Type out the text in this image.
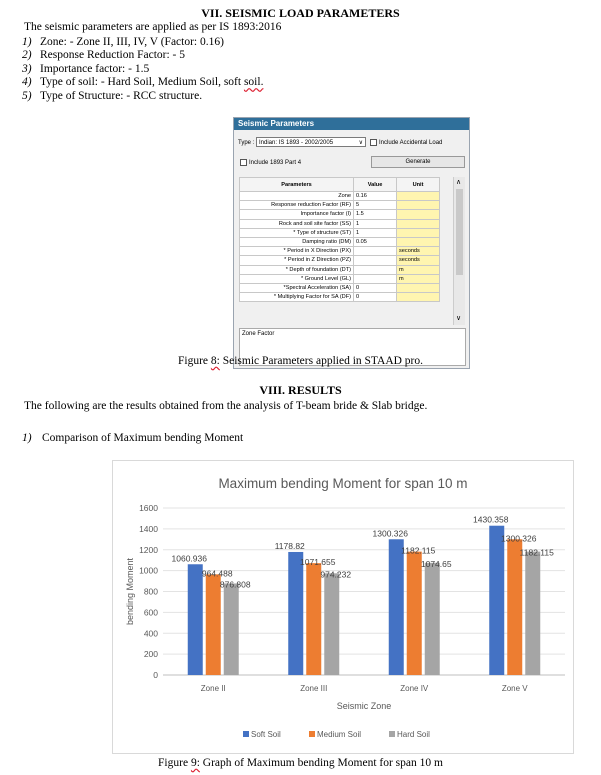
VII. SEISMIC LOAD PARAMETERS
The seismic parameters are applied as per IS 1893:2016
1) Zone: - Zone II, III, IV, V (Factor: 0.16)
2) Response Reduction Factor: - 5
3) Importance factor: - 1.5
4) Type of soil: - Hard Soil, Medium Soil, soft soil.
5) Type of Structure: - RCC structure.
Seismic Parameters
Type : Indian: IS 1893 - 2002/2005	∨	Include Accidental Load
Include 1893 Part 4	Generate
Parameters	Value	Unit
Zone	0.16	
Response reduction Factor (RF)	5	
Importance factor (I)	1.5	
Rock and soil site factor (SS)	1	
* Type of structure (ST)	1	
Damping ratio (DM)	0.05	
* Period in X Direction (PX)		seconds
* Period in Z Direction (PZ)		seconds
* Depth of foundation (DT)		m
* Ground Level (GL)		m
*Spectral Acceleration (SA)	0	
* Multiplying Factor for SA (DF)	0	
∧
∨
Zone Factor
Figure 8: Seismic Parameters applied in STAAD pro.
VIII. RESULTS
The following are the results obtained from the analysis of T-beam bride & Slab bridge.
1) Comparison of Maximum bending Moment
Maximum bending Moment for span 10 m
0
200
400
600
800
1000
1200
1400
1600
bending Moment
Zone II
1060.936
964.488
876.808
Zone III
1178.82
1071.655
974.232
Zone IV
1300.326
1182.115
1074.65
Zone V
1430.358
1300.326
1182.115
Seismic Zone
Soft Soil	Medium Soil	Hard Soil
Figure 9: Graph of Maximum bending Moment for span 10 m
